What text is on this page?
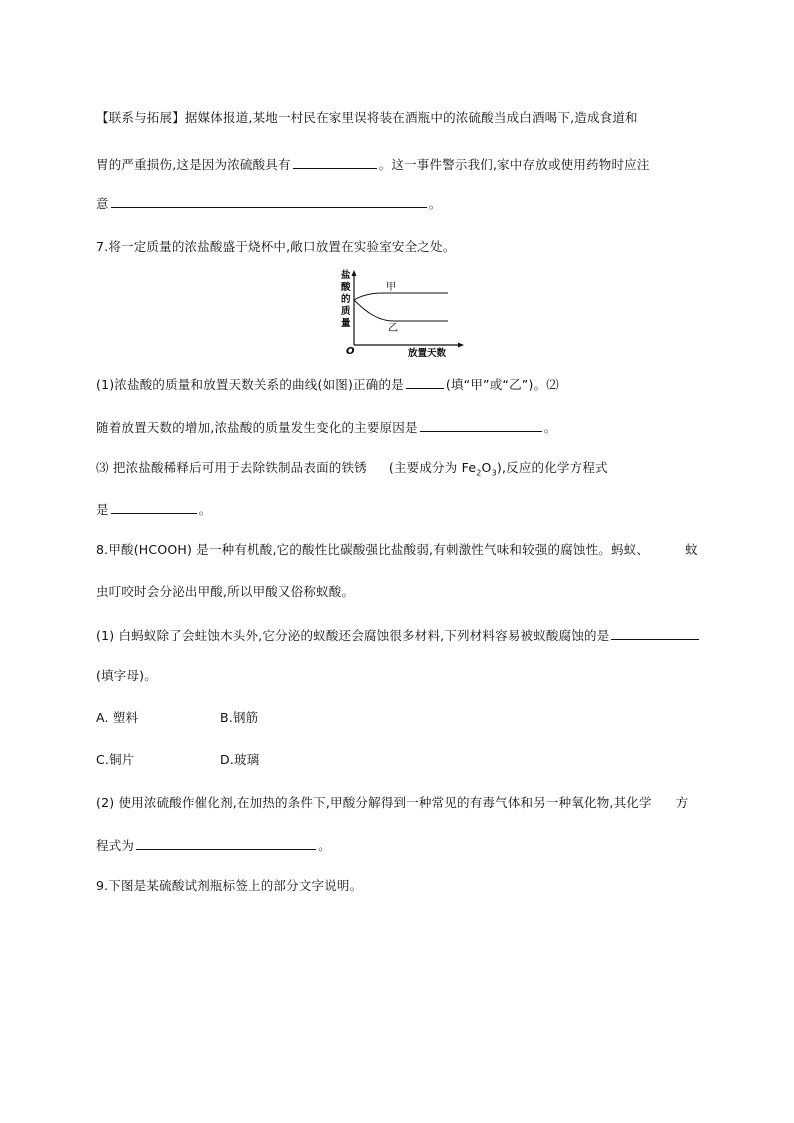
【联系与拓展】据媒体报道,某地一村民在家里误将装在酒瓶中的浓硫酸当成白酒喝下,造成食道和
胃的严重损伤,这是因为浓硫酸具有	。这一事件警示我们,家中存放或使用药物时应注
意	。
7.将一定质量的浓盐酸盛于烧杯中,敞口放置在实验室安全之处。
盐
酸
的
质
量
O	放置天数
甲
乙
(1)浓盐酸的质量和放置天数关系的曲线(如图)正确的是	(填“甲”或“乙”)。⑵
随着放置天数的增加,浓盐酸的质量发生变化的主要原因是	。
⑶ 把浓盐酸稀释后可用于去除铁制品表面的铁锈 (主要成分为 $Fe_2O_3$),反应的化学方程式
是	。
8.甲酸(HCOOH) 是一种有机酸,它的酸性比碳酸强比盐酸弱,有刺激性气味和较强的腐蚀性。蚂蚁、	蚊
虫叮咬时会分泌出甲酸,所以甲酸又俗称蚁酸。
(1) 白蚂蚁除了会蛀蚀木头外,它分泌的蚁酸还会腐蚀很多材料,下列材料容易被蚁酸腐蚀的是
(填字母)。
A. 塑料	B.钢筋
C.铜片	D.玻璃
(2) 使用浓硫酸作催化剂,在加热的条件下,甲酸分解得到一种常见的有毒气体和另一种氧化物,其化学 方
程式为	。
9.下图是某硫酸试剂瓶标签上的部分文字说明。
